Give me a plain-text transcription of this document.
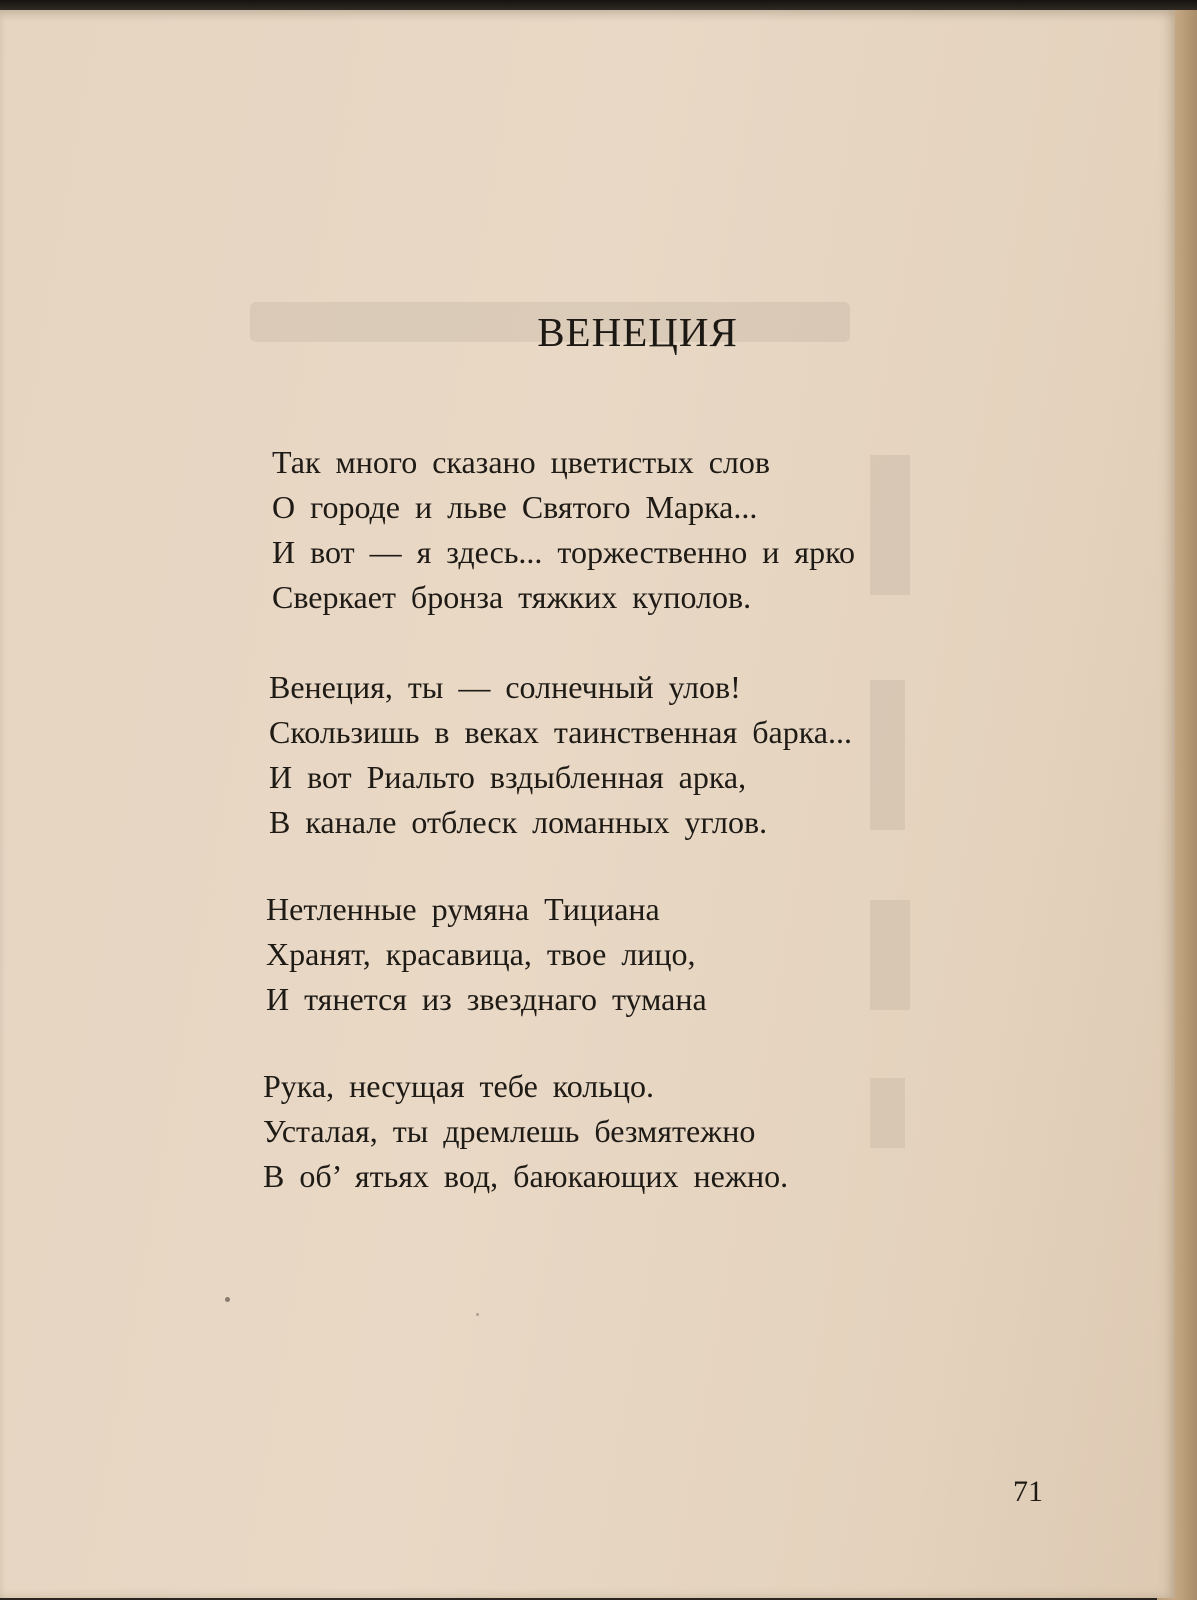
ВЕНЕЦИЯ
Так много сказано цветистых слов
О городе и льве Святого Марка...
И вот — я здесь... торжественно и ярко
Сверкает бронза тяжких куполов.
Венеция, ты — солнечный улов!
Скользишь в веках таинственная барка...
И вот Риальто вздыбленная арка,
В канале отблеск ломанных углов.
Нетленные румяна Тициана
Хранят, красавица, твое лицо,
И тянется из звезднаго тумана
Рука, несущая тебе кольцо.
Усталая, ты дремлешь безмятежно
В об’ ятьях вод, баюкающих нежно.
71
